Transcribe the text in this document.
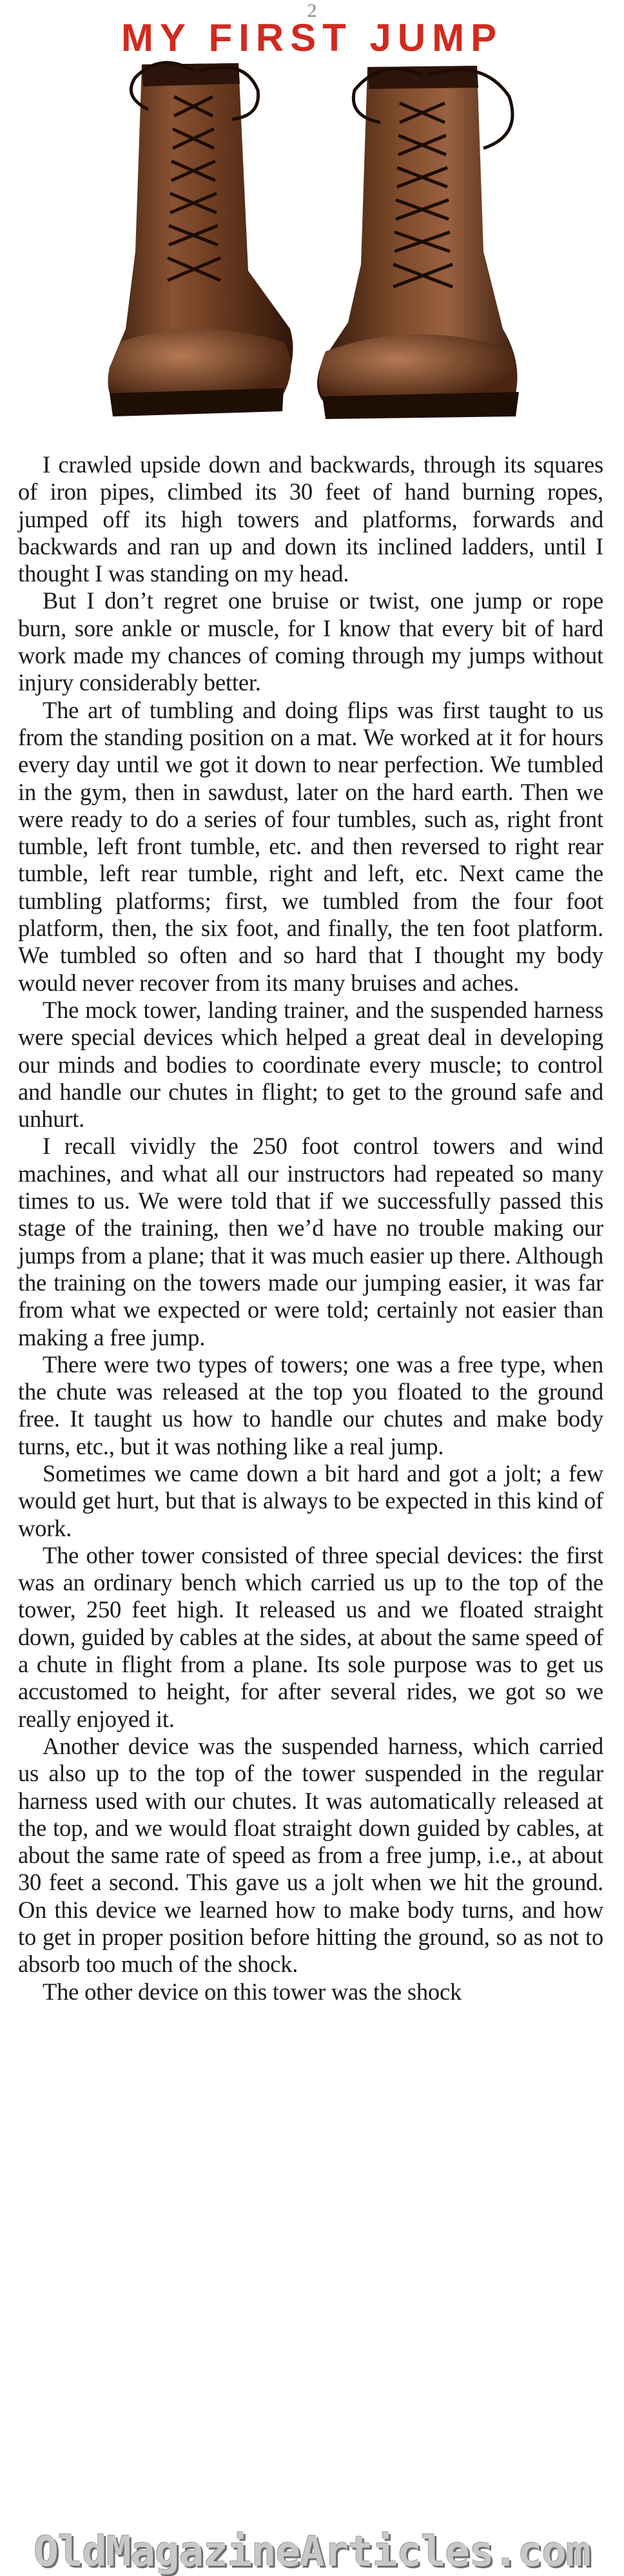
2
MY FIRST JUMP

I crawled upside down and backwards, through its squares of iron pipes, climbed its 30 feet of hand burning ropes, jumped off its high towers and platforms, forwards and backwards and ran up and down its inclined ladders, until I thought I was standing on my head.

But I don’t regret one bruise or twist, one jump or rope burn, sore ankle or muscle, for I know that every bit of hard work made my chances of coming through my jumps without injury considerably better.

The art of tumbling and doing flips was first taught to us from the standing position on a mat. We worked at it for hours every day until we got it down to near perfection. We tumbled in the gym, then in sawdust, later on the hard earth. Then we were ready to do a series of four tumbles, such as, right front tumble, left front tumble, etc. and then reversed to right rear tumble, left rear tumble, right and left, etc. Next came the tumbling platforms; first, we tumbled from the four foot platform, then, the six foot, and finally, the ten foot platform. We tumbled so often and so hard that I thought my body would never recover from its many bruises and aches.

The mock tower, landing trainer, and the suspended harness were special devices which helped a great deal in developing our minds and bodies to coordinate every muscle; to control and handle our chutes in flight; to get to the ground safe and unhurt.

I recall vividly the 250 foot control towers and wind machines, and what all our instructors had repeated so many times to us. We were told that if we successfully passed this stage of the training, then we’d have no trouble making our jumps from a plane; that it was much easier up there. Although the training on the towers made our jumping easier, it was far from what we expected or were told; certainly not easier than making a free jump.

There were two types of towers; one was a free type, when the chute was released at the top you floated to the ground free. It taught us how to handle our chutes and make body turns, etc., but it was nothing like a real jump.

Sometimes we came down a bit hard and got a jolt; a few would get hurt, but that is always to be expected in this kind of work.

The other tower consisted of three special devices: the first was an ordinary bench which carried us up to the top of the tower, 250 feet high. It released us and we floated straight down, guided by cables at the sides, at about the same speed of a chute in flight from a plane. Its sole purpose was to get us accustomed to height, for after several rides, we got so we really enjoyed it.

Another device was the suspended harness, which carried us also up to the top of the tower suspended in the regular harness used with our chutes. It was automatically released at the top, and we would float straight down guided by cables, at about the same rate of speed as from a free jump, i.e., at about 30 feet a second. This gave us a jolt when we hit the ground. On this device we learned how to make body turns, and how to get in proper position before hitting the ground, so as not to absorb too much of the shock.

The other device on this tower was the shock

OldMagazineArticles.com
